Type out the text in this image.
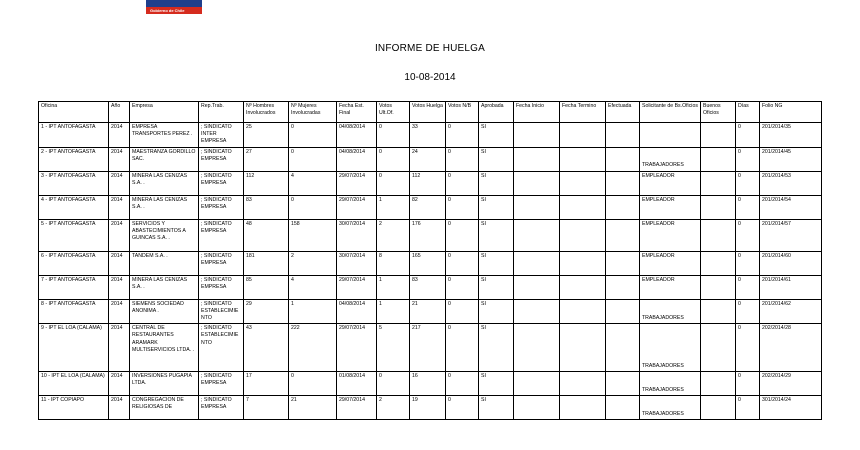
Gobierno de Chile
INFORME DE HUELGA
10-08-2014
Oficina	Año	Empresa	Rep.Trab.	Nº Hombres Involucrados	Nº Mujeres Involucradas	Fecha Est. Final	Votos Ult.Of.	Votos Huelga	Votos N/B	Aprobada	Fecha Inicio	Fecha Termino	Efectuada	Solicitante de Bs.Oficios	Buenos Oficios	Días	Folio NG
1 - IPT ANTOFAGASTA	2014	EMPRESA TRANSPORTES PEREZ .	; SINDICATO INTER EMPRESA	25	0	04/08/2014	0	33	0	SI						0	201/2014/35
2 - IPT ANTOFAGASTA	2014	MAESTRANZA GORDILLO SAC.	; SINDICATO EMPRESA	27	0	04/08/2014	0	24	0	SI				TRABAJADORES		0	201/2014/45
3 - IPT ANTOFAGASTA	2014	MINERA LAS CENIZAS S.A. .	; SINDICATO EMPRESA	112	4	29/07/2014	0	112	0	SI				EMPLEADOR		0	201/2014/53
4 - IPT ANTOFAGASTA	2014	MINERA LAS CENIZAS S.A. .	; SINDICATO EMPRESA	83	0	29/07/2014	1	82	0	SI				EMPLEADOR		0	201/2014/54
5 - IPT ANTOFAGASTA	2014	SERVICIOS Y ABASTECIMIENTOS A GUINCAS S.A. .	; SINDICATO EMPRESA	48	158	30/07/2014	2	176	0	SI				EMPLEADOR		0	201/2014/57
6 - IPT ANTOFAGASTA	2014	TANDEM S.A. .	; SINDICATO EMPRESA	181	2	30/07/2014	8	165	0	SI				EMPLEADOR		0	201/2014/60
7 - IPT ANTOFAGASTA	2014	MINERA LAS CENIZAS S.A. .	; SINDICATO EMPRESA	85	4	29/07/2014	1	83	0	SI				EMPLEADOR		0	201/2014/61
8 - IPT ANTOFAGASTA	2014	SIEMENS SOCIEDAD ANONIMA .	; SINDICATO ESTABLECIMIENTO	29	1	04/08/2014	1	21	0	SI				TRABAJADORES		0	201/2014/62
9 - IPT EL LOA (CALAMA)	2014	CENTRAL DE RESTAURANTES ARAMARK MULTISERVICIOS LTDA. .	; SINDICATO ESTABLECIMIENTO	43	222	29/07/2014	5	217	0	SI				TRABAJADORES		0	202/2014/28
10 - IPT EL LOA (CALAMA)	2014	INVERSIONES PUGAPIA LTDA.	; SINDICATO EMPRESA	17	0	01/08/2014	0	16	0	SI				TRABAJADORES		0	202/2014/29
11 - IPT COPIAPO	2014	CONGREGACION DE RELIGIOSAS DE	; SINDICATO EMPRESA	7	21	29/07/2014	2	19	0	SI				TRABAJADORES		0	301/2014/24
